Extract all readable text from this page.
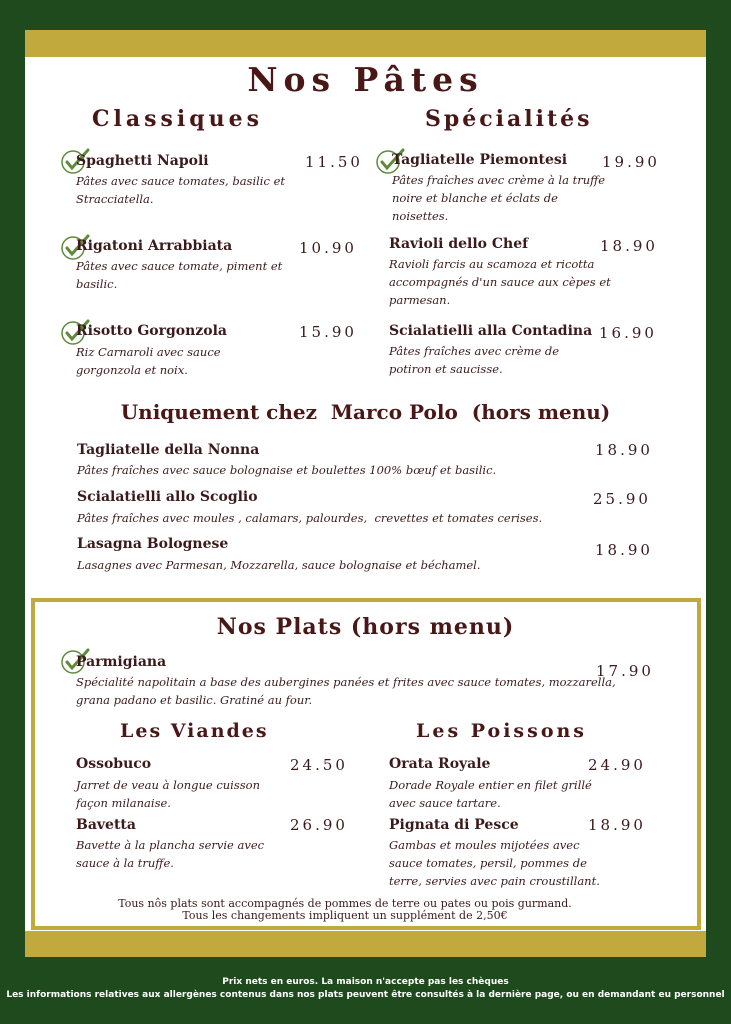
Nos Pâtes
Classiques	Spécialités
Spaghetti Napoli	11.50
Pâtes avec sauce tomates, basilic et
Stracciatella.
Rigatoni Arrabbiata	10.90
Pâtes avec sauce tomate, piment et
basilic.
Risotto Gorgonzola	15.90
Riz Carnaroli avec sauce
gorgonzola et noix.
Tagliatelle Piemontesi 19.90
Pâtes fraîches avec crème à la truffe
noire et blanche et éclats de
noisettes.
Ravioli dello Chef	18.90
Ravioli farcis au scamoza et ricotta
accompagnés d'un sauce aux cèpes et
parmesan.
Scialatielli alla Contadina 16.90
Pâtes fraîches avec crème de
potiron et saucisse.
Uniquement chez  Marco Polo  (hors menu)
Tagliatelle della Nonna	18.90
Pâtes fraîches avec sauce bolognaise et boulettes 100% bœuf et basilic.
Scialatielli allo Scoglio	25.90
Pâtes fraîches avec moules , calamars, palourdes,  crevettes et tomates cerises.
Lasagna Bolognese	18.90
Lasagnes avec Parmesan, Mozzarella, sauce bolognaise et béchamel.
Nos Plats (hors menu)
Parmigiana	17.90
Spécialité napolitain a base des aubergines panées et frites avec sauce tomates, mozzarella,
grana padano et basilic. Gratiné au four.
Les Viandes	Les Poissons
Ossobuco	24.50
Jarret de veau à longue cuisson
façon milanaise.
Bavetta	26.90
Bavette à la plancha servie avec
sauce à la truffe.
Orata Royale	24.90
Dorade Royale entier en filet grillé
avec sauce tartare.
Pignata di Pesce	18.90
Gambas et moules mijotées avec
sauce tomates, persil, pommes de
terre, servies avec pain croustillant.
Tous nôs plats sont accompagnés de pommes de terre ou pates ou pois gurmand.
Tous les changements impliquent un supplément de 2,50€
Prix nets en euros. La maison n'accepte pas les chèques
Les informations relatives aux allergènes contenus dans nos plats peuvent être consultés à la dernière page, ou en demandant eu personnel
